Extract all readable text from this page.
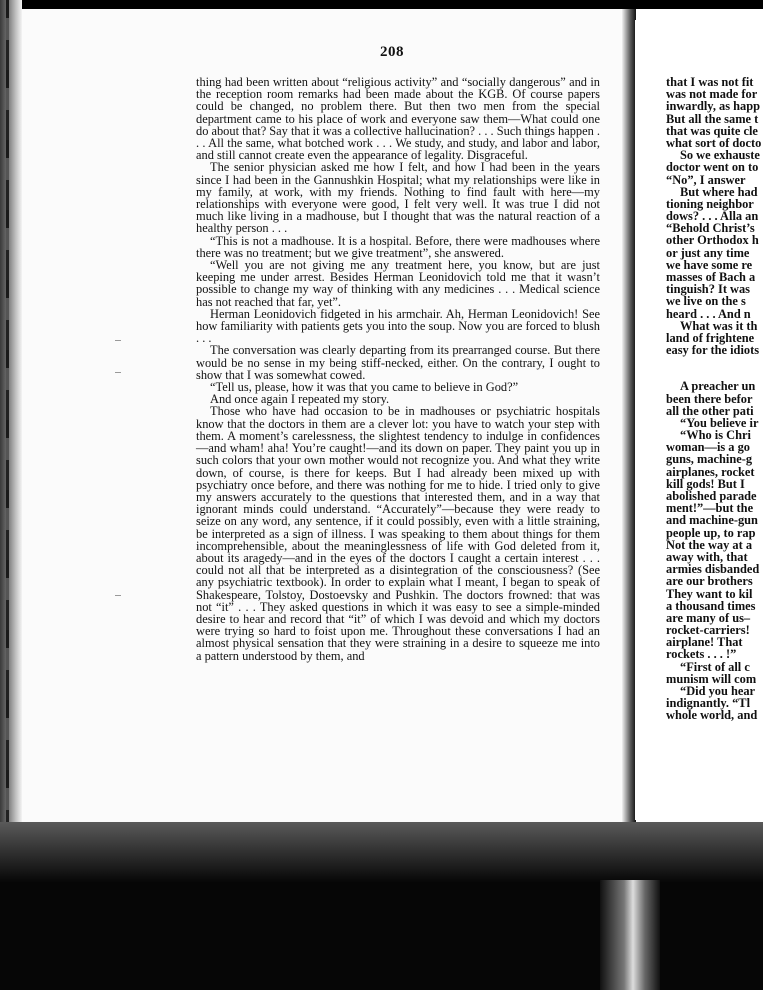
208

thing had been written about “religious activity” and “socially dangerous” and in the reception room remarks had been made about the KGB. Of course papers could be changed, no problem there. But then two men from the special department came to his place of work and everyone saw them—What could one do about that? Say that it was a collective hallucination? . . . Such things happen . . . All the same, what botched work . . . We study, and study, and labor and labor, and still cannot create even the appearance of legality. Disgraceful.

The senior physician asked me how I felt, and how I had been in the years since I had been in the Gannushkin Hospital; what my relationships were like in my family, at work, with my friends. Nothing to find fault with here—my relationships with everyone were good, I felt very well. It was true I did not much like living in a madhouse, but I thought that was the natural reaction of a healthy person . . .

“This is not a madhouse. It is a hospital. Before, there were madhouses where there was no treatment; but we give treatment”, she answered.

“Well you are not giving me any treatment here, you know, but are just keeping me under arrest. Besides Herman Leonidovich told me that it wasn’t possible to change my way of thinking with any medicines . . . Medical science has not reached that far, yet”.

Herman Leonidovich fidgeted in his armchair. Ah, Herman Leonidovich! See how familiarity with patients gets you into the soup. Now you are forced to blush . . .

The conversation was clearly departing from its prearranged course. But there would be no sense in my being stiff-necked, either. On the contrary, I ought to show that I was somewhat cowed.

“Tell us, please, how it was that you came to believe in God?”

And once again I repeated my story.

Those who have had occasion to be in madhouses or psychiatric hospitals know that the doctors in them are a clever lot: you have to watch your step with them. A moment’s carelessness, the slightest tendency to indulge in confidences—and wham! aha! You’re caught!—and its down on paper. They paint you up in such colors that your own mother would not recognize you. And what they write down, of course, is there for keeps. But I had already been mixed up with psychiatry once before, and there was nothing for me to hide. I tried only to give my answers accurately to the questions that interested them, and in a way that ignorant minds could understand. “Accurately”—because they were ready to seize on any word, any sentence, if it could possibly, even with a little straining, be interpreted as a sign of illness. I was speaking to them about things for them incomprehensible, about the meaninglessness of life with God deleted from it, about its aragedy—and in the eyes of the doctors I caught a certain interest . . . could not all that be interpreted as a disintegration of the consciousness? (See any psychiatric textbook). In order to explain what I meant, I began to speak of Shakespeare, Tolstoy, Dostoevsky and Pushkin. The doctors frowned: that was not “it” . . . They asked questions in which it was easy to see a simple-minded desire to hear and record that “it” of which I was devoid and which my doctors were trying so hard to foist upon me. Throughout these conversations I had an almost physical sensation that they were straining in a desire to squeeze me into a pattern understood by them, and

that I was not fit
was not made for
inwardly, as happ
But all the same t
that was quite cle
what sort of docto
So we exhauste
doctor went on to
“No”, I answer
But where had
tioning neighbor
dows? . . . Alla an
“Behold Christ’s
other Orthodox h
or just any time
we have some re
masses of Bach a
tinguish? It was
we live on the s
heard . . . And n
What was it th
land of frightene
easy for the idiots
A preacher un
been there befor
all the other pati
“You believe ir
“Who is Chri
woman—is a go
guns, machine-g
airplanes, rocket
kill gods! But I
abolished parade
ment!”—but the
and machine-gun
people up, to rap
Not the way at a
away with, that
armies disbanded
are our brothers
They want to kil
a thousand times
are many of us–
rocket-carriers!
airplane! That
rockets . . . !”
“First of all c
munism will com
“Did you hear
indignantly. “Tl
whole world, and
